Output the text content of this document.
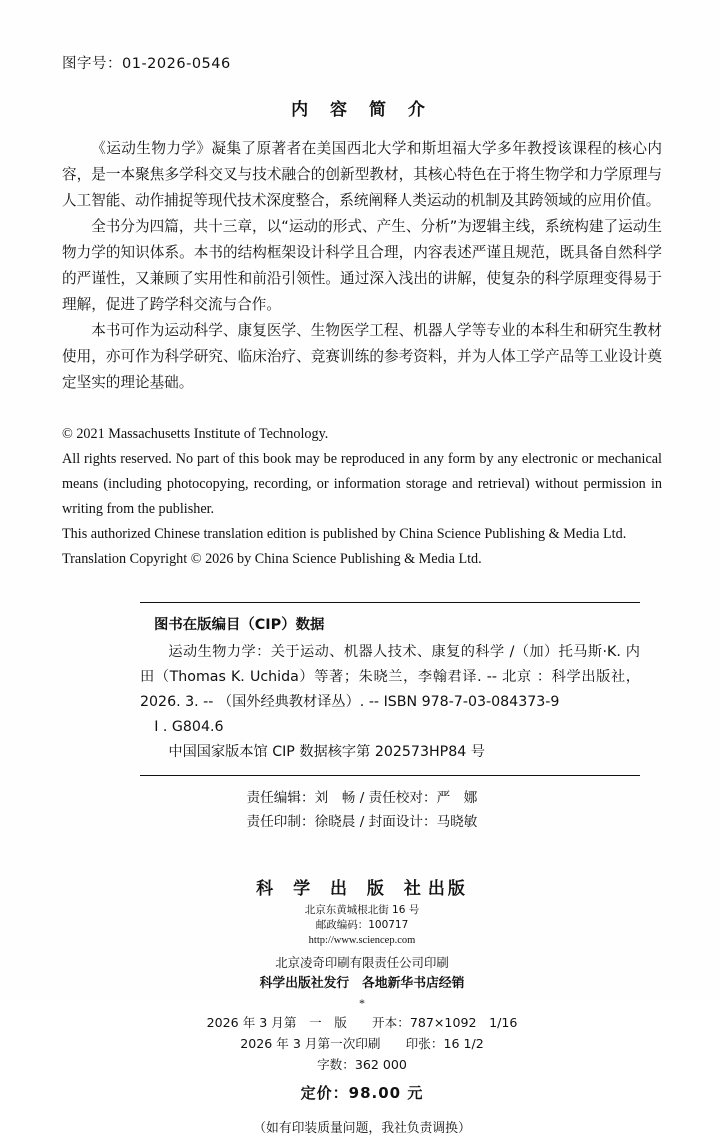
图字号：01-2026-0546
内 容 简 介

《运动生物力学》凝集了原著者在美国西北大学和斯坦福大学多年教授该课程的核心内容，是一本聚焦多学科交叉与技术融合的创新型教材，其核心特色在于将生物学和力学原理与人工智能、动作捕捉等现代技术深度整合，系统阐释人类运动的机制及其跨领域的应用价值。

全书分为四篇，共十三章，以“运动的形式、产生、分析”为逻辑主线，系统构建了运动生物力学的知识体系。本书的结构框架设计科学且合理，内容表述严谨且规范，既具备自然科学的严谨性，又兼顾了实用性和前沿引领性。通过深入浅出的讲解，使复杂的科学原理变得易于理解，促进了跨学科交流与合作。

本书可作为运动科学、康复医学、生物医学工程、机器人学等专业的本科生和研究生教材使用，亦可作为科学研究、临床治疗、竞赛训练的参考资料，并为人体工学产品等工业设计奠定坚实的理论基础。

© 2021 Massachusetts Institute of Technology.

All rights reserved. No part of this book may be reproduced in any form by any electronic or mechanical means (including photocopying, recording, or information storage and retrieval) without permission in writing from the publisher.

This authorized Chinese translation edition is published by China Science Publishing & Media Ltd.

Translation Copyright © 2026 by China Science Publishing & Media Ltd.

图书在版编目（CIP）数据

运动生物力学：关于运动、机器人技术、康复的科学 /（加）托马斯·K. 内田（Thomas K. Uchida）等著；朱晓兰，李翰君译. -- 北京 ：科学出版社，2026. 3. -- （国外经典教材译丛）. -- ISBN 978-7-03-084373-9

Ⅰ . G804.6

中国国家版本馆 CIP 数据核字第 202573HP84 号

责任编辑：刘　畅 / 责任校对：严　娜
责任印制：徐晓晨 / 封面设计：马晓敏
科 学 出 版 社出版
北京东黄城根北街 16 号
邮政编码：100717
http://www.sciencep.com
北京凌奇印刷有限责任公司印刷
科学出版社发行　各地新华书店经销
*
2026 年 3 月第　一　版　　开本：787×1092　1/16
2026 年 3 月第一次印刷　　印张：16 1/2
字数：362 000
定价：98.00 元
（如有印装质量问题，我社负责调换）
